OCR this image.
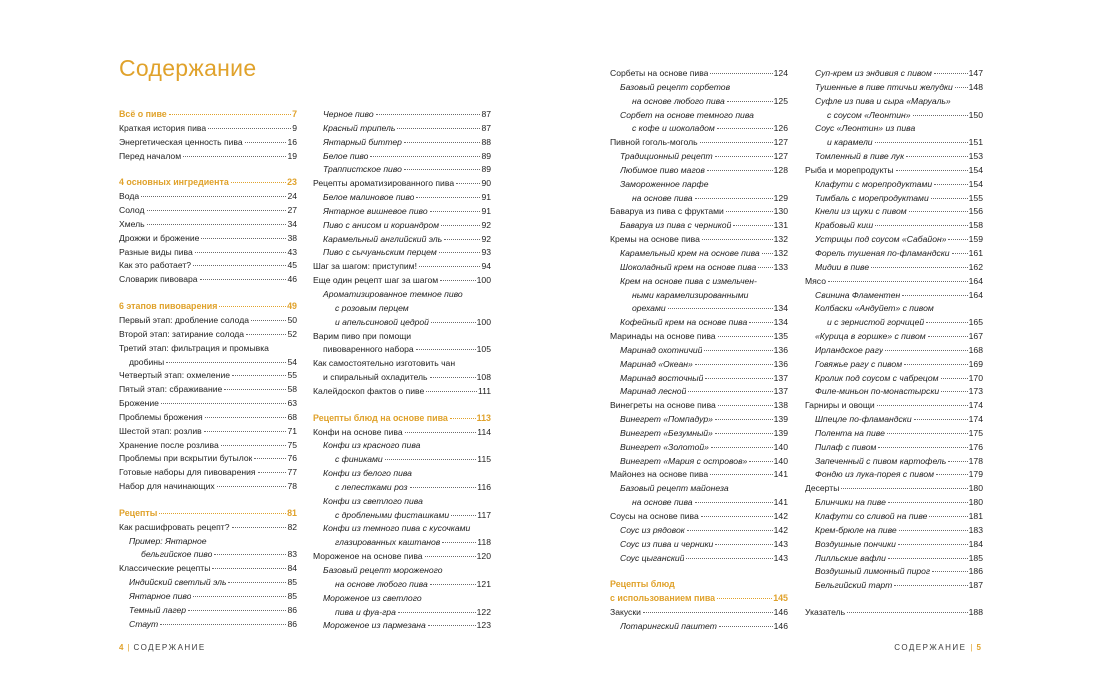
Содержание
Всё о пиве	7
Краткая история пива	9
Энергетическая ценность пива	16
Перед началом	19
4 основных ингредиента	23
Вода	24
Солод	27
Хмель	34
Дрожжи и брожение	38
Разные виды пива	43
Как это работает?	45
Словарик пивовара	46
6 этапов пивоварения	49
Первый этап: дробление солода	50
Второй этап: затирание солода	52
Третий этап: фильтрация и промывка
дробины	54
Четвертый этап: охмеление	55
Пятый этап: сбраживание	58
Брожение	63
Проблемы брожения	68
Шестой этап: розлив	71
Хранение после розлива	75
Проблемы при вскрытии бутылок	76
Готовые наборы для пивоварения	77
Набор для начинающих	78
Рецепты	81
Как расшифровать рецепт?	82
Пример: Янтарное
бельгийское пиво	83
Классические рецепты	84
Индийский светлый эль	85
Янтарное пиво	85
Темный лагер	86
Стаут	86
Черное пиво	87
Красный трипель	87
Янтарный биттер	88
Белое пиво	89
Траппистское пиво	89
Рецепты ароматизированного пива	90
Белое малиновое пиво	91
Янтарное вишневое пиво	91
Пиво с анисом и кориандром	92
Карамельный английский эль	92
Пиво с сычуаньским перцем	93
Шаг за шагом: приступим!	94
Еще один рецепт шаг за шагом	100
Ароматизированное темное пиво
с розовым перцем
и апельсиновой цедрой	100
Варим пиво при помощи
пивоваренного набора	105
Как самостоятельно изготовить чан
и спиральный охладитель	108
Калейдоскоп фактов о пиве	111
Рецепты блюд на основе пива	113
Конфи на основе пива	114
Конфи из красного пива
с финиками	115
Конфи из белого пива
с лепестками роз	116
Конфи из светлого пива
с дроблеными фисташками	117
Конфи из темного пива с кусочками
глазированных каштанов	118
Мороженое на основе пива	120
Базовый рецепт мороженого
на основе любого пива	121
Мороженое из светлого
пива и фуа-гра	122
Мороженое из пармезана	123
Сорбеты на основе пива	124
Базовый рецепт сорбетов
на основе любого пива	125
Сорбет на основе темного пива
с кофе и шоколадом	126
Пивной гоголь-моголь	127
Традиционный рецепт	127
Любимое пиво магов	128
Замороженное парфе
на основе пива	129
Баваруа из пива с фруктами	130
Баваруа из пива с черникой	131
Кремы на основе пива	132
Карамельный крем на основе пива 132
Шоколадный крем на основе пива 133
Крем на основе пива с измельчен-
ными карамелизированными
орехами	134
Кофейный крем на основе пива	134
Маринады на основе пива	135
Маринад охотничий	136
Маринад «Океан»	136
Маринад восточный	137
Маринад лесной	137
Винегреты на основе пива	138
Винегрет «Помпадур»	139
Винегрет «Безумный»	139
Винегрет «Золотой»	140
Винегрет «Мария с островов»	140
Майонез на основе пива	141
Базовый рецепт майонеза
на основе пива	141
Соусы на основе пива	142
Соус из рядовок	142
Соус из пива и черники	143
Соус цыганский	143
Рецепты блюд
с использованием пива	145
Закуски	146
Лотарингский паштет	146
Суп-крем из эндивия с пивом	147
Тушенные в пиве птичьи желудки 148
Суфле из пива и сыра «Маруаль»
с соусом «Леонтин»	150
Соус «Леонтин» из пива
и карамели	151
Томленный в пиве лук	153
Рыба и морепродукты	154
Клафути с морепродуктами	154
Тимбаль с морепродуктами	155
Кнели из щуки с пивом	156
Крабовый киш	158
Устрицы под соусом «Сабайон»	159
Форель тушеная по-фламандски 161
Мидии в пиве	162
Мясо	164
Свинина Фламентен	164
Колбаски «Андуйет» с пивом
и с зернистой горчицей	165
«Курица в горшке» с пивом	167
Ирландское рагу	168
Говяжье рагу с пивом	169
Кролик под соусом с чабрецом	170
Филе-миньон по-монастырски	173
Гарниры и овощи	174
Шпецле по-фламандски	174
Полента на пиве	175
Пилаф с пивом	176
Запеченный с пивом картофель	178
Фондю из лука-порея с пивом	179
Десерты	180
Блинчики на пиве	180
Клафути со сливой на пиве	181
Крем-брюле на пиве	183
Воздушные пончики	184
Лилльские вафли	185
Воздушный лимонный пирог	186
Бельгийский тарт	187
Указатель	188
4 | СОДЕРЖАНИЕ	СОДЕРЖАНИЕ | 5
